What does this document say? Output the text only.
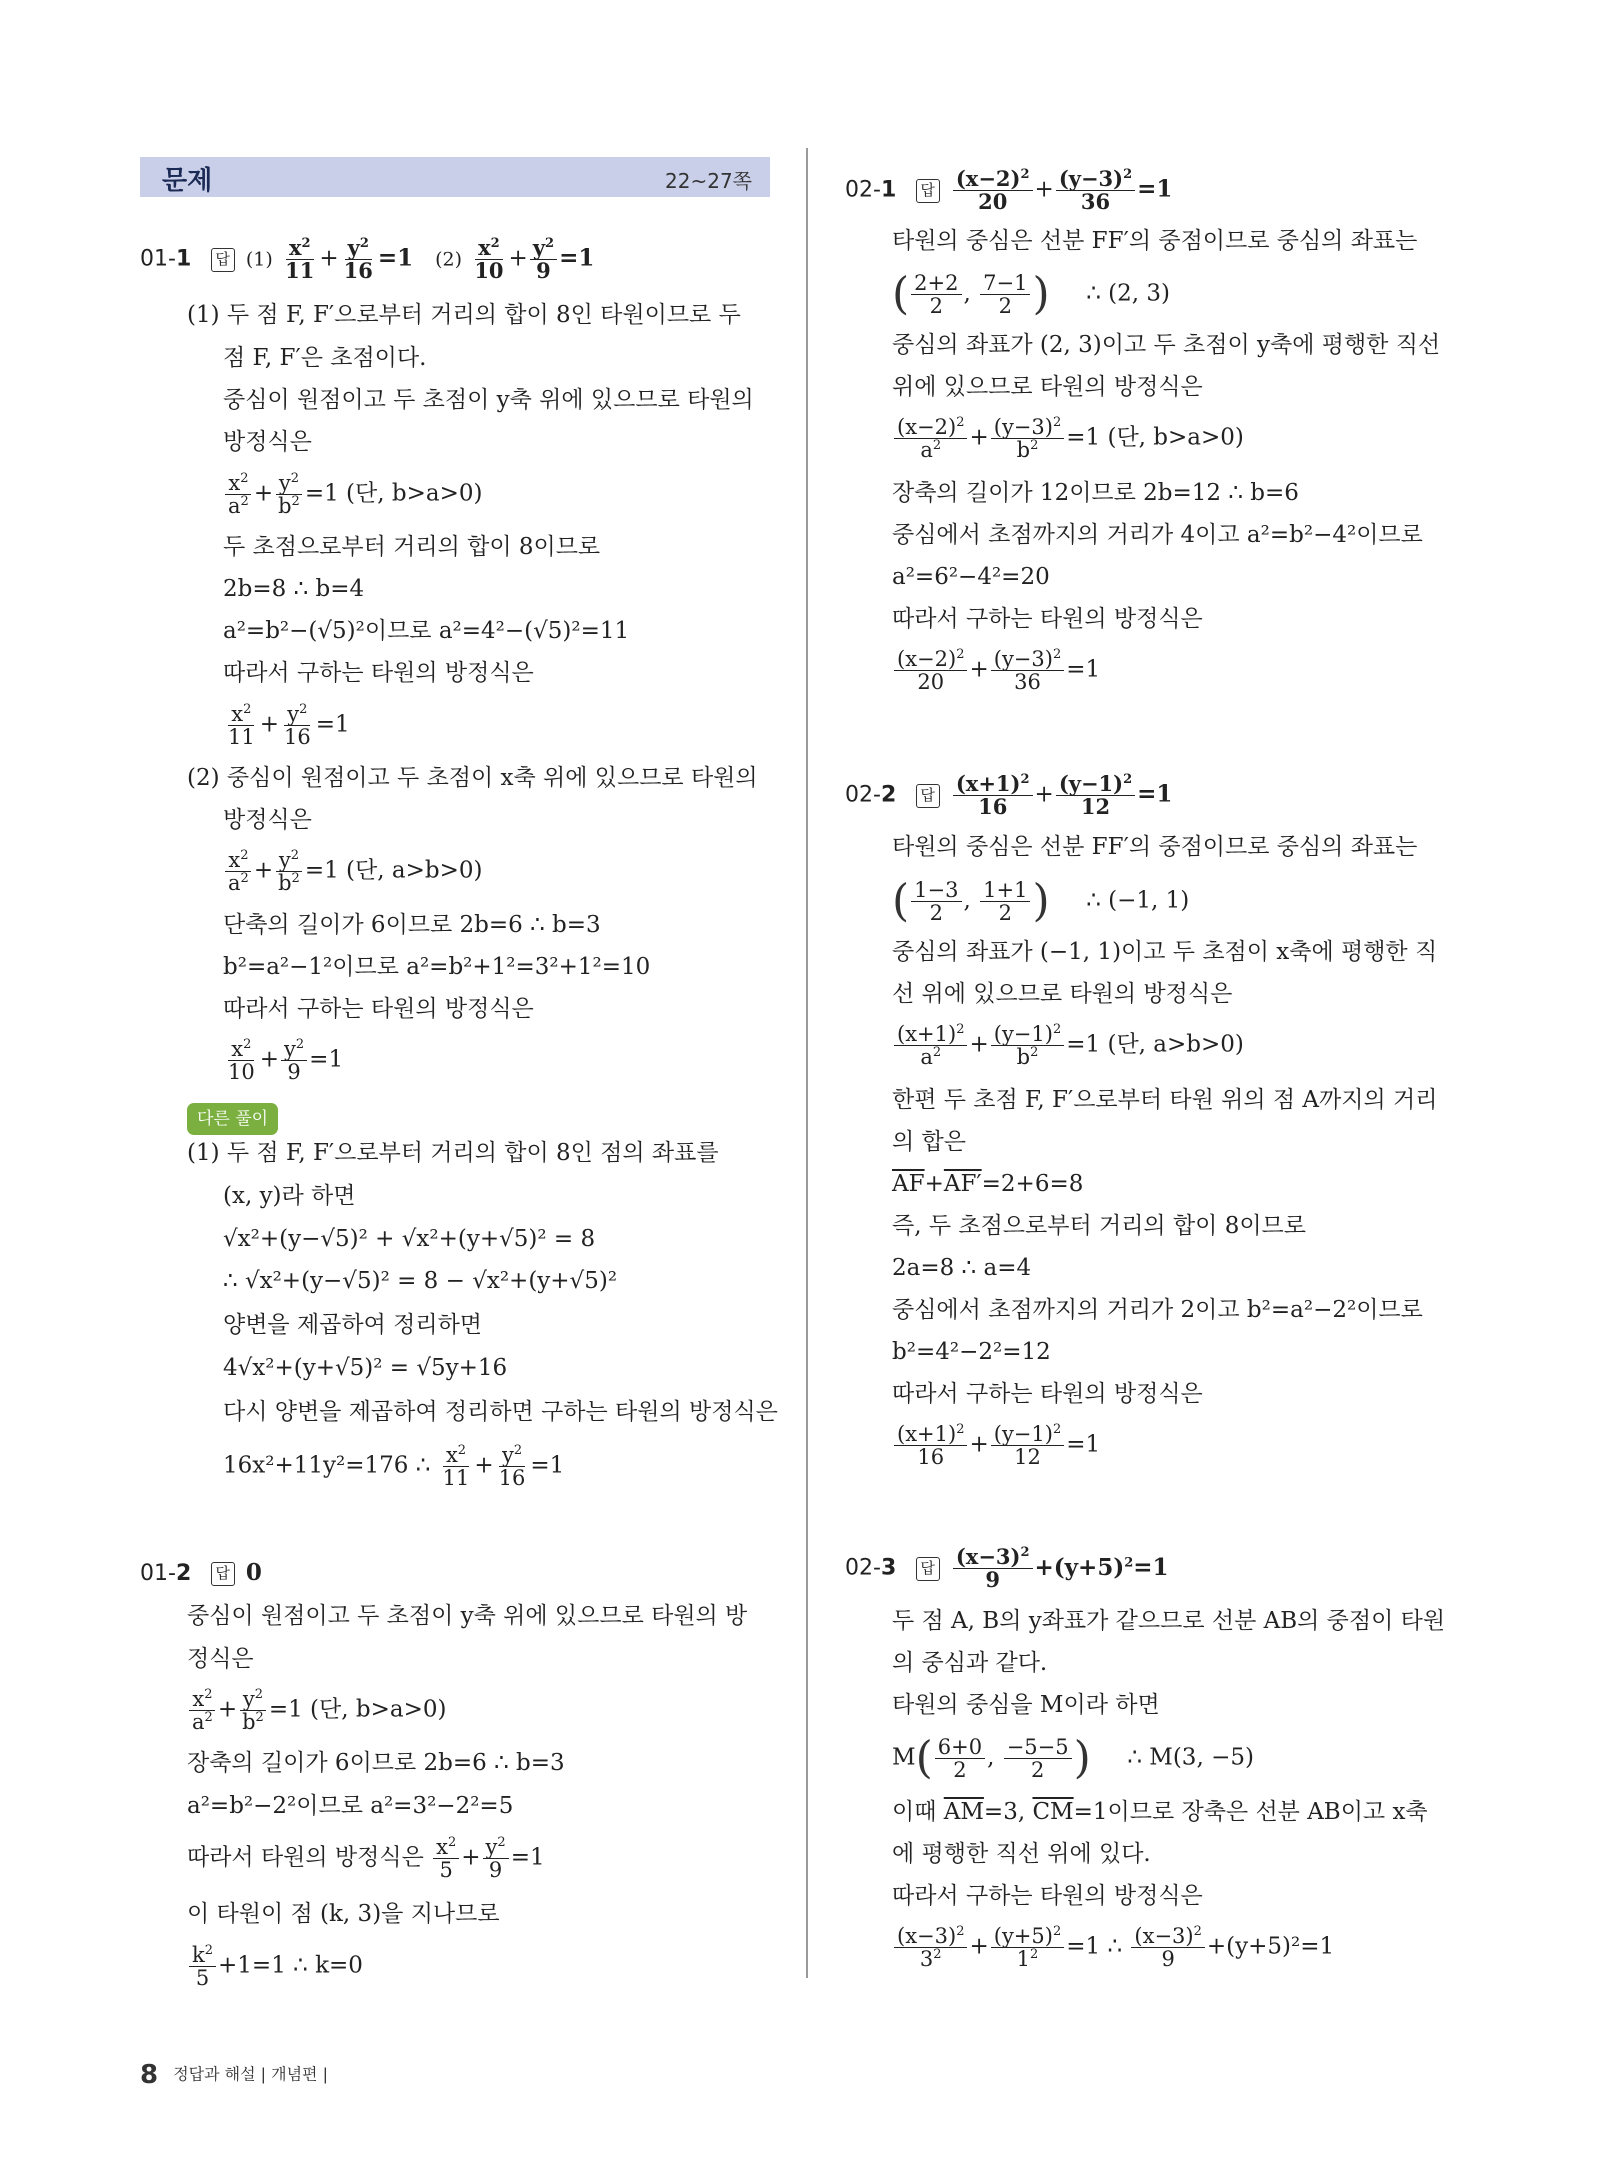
문제	22~27쪽
01-1 답 $(1) \frac{x^2}{11} + \frac{y^2}{16} =1$ $(2) \frac{x^2}{10} + \frac{y^2}{9} =1$
(1) 두 점 F, F′으로부터 거리의 합이 8인 타원이므로 두
점 F, F′은 초점이다.
중심이 원점이고 두 초점이 y축 위에 있으므로 타원의
방정식은
$\frac{x^2}{a^2} + \frac{y^2}{b^2} =1$ (단, b>a>0)
두 초점으로부터 거리의 합이 8이므로
2b=8 ∴ b=4
a²=b²−(√5)²이므로 a²=4²−(√5)²=11
따라서 구하는 타원의 방정식은
$\frac{x^2}{11} + \frac{y^2}{16} =1$
(2) 중심이 원점이고 두 초점이 x축 위에 있으므로 타원의
방정식은
$\frac{x^2}{a^2} + \frac{y^2}{b^2} =1$ (단, a>b>0)
단축의 길이가 6이므로 2b=6 ∴ b=3
b²=a²−1²이므로 a²=b²+1²=3²+1²=10
따라서 구하는 타원의 방정식은
$\frac{x^2}{10} + \frac{y^2}{9} =1$
다른 풀이
(1) 두 점 F, F′으로부터 거리의 합이 8인 점의 좌표를
(x, y)라 하면
√x²+(y−√5)² + √x²+(y+√5)² = 8
∴ √x²+(y−√5)² = 8 − √x²+(y+√5)²
양변을 제곱하여 정리하면
4√x²+(y+√5)² = √5y+16
다시 양변을 제곱하여 정리하면 구하는 타원의 방정식은
16x²+11y²=176 ∴ $\frac{x^2}{11} + \frac{y^2}{16} =1$
01-2 답 0
중심이 원점이고 두 초점이 y축 위에 있으므로 타원의 방
정식은
$\frac{x^2}{a^2} + \frac{y^2}{b^2} =1$ (단, b>a>0)
장축의 길이가 6이므로 2b=6 ∴ b=3
a²=b²−2²이므로 a²=3²−2²=5
따라서 타원의 방정식은 $\frac{x^2}{5} + \frac{y^2}{9} =1$
이 타원이 점 (k, 3)을 지나므로
$\frac{k^2}{5} +1=1$ ∴ k=0
02-1 답 $\frac{(x-2)^2}{20} + \frac{(y-3)^2}{36} =1$
타원의 중심은 선분 FF′의 중점이므로 중심의 좌표는
( $\frac{2+2}{2}$ , $\frac{7-1}{2}$ ) ∴ (2, 3)
중심의 좌표가 (2, 3)이고 두 초점이 y축에 평행한 직선
위에 있으므로 타원의 방정식은
$\frac{(x-2)^2}{a^2} + \frac{(y-3)^2}{b^2} =1$ (단, b>a>0)
장축의 길이가 12이므로 2b=12 ∴ b=6
중심에서 초점까지의 거리가 4이고 a²=b²−4²이므로
a²=6²−4²=20
따라서 구하는 타원의 방정식은
$\frac{(x-2)^2}{20} + \frac{(y-3)^2}{36} =1$
02-2 답 $\frac{(x+1)^2}{16} + \frac{(y-1)^2}{12} =1$
타원의 중심은 선분 FF′의 중점이므로 중심의 좌표는
( $\frac{1-3}{2}$ , $\frac{1+1}{2}$ ) ∴ (−1, 1)
중심의 좌표가 (−1, 1)이고 두 초점이 x축에 평행한 직
선 위에 있으므로 타원의 방정식은
$\frac{(x+1)^2}{a^2} + \frac{(y-1)^2}{b^2} =1$ (단, a>b>0)
한편 두 초점 F, F′으로부터 타원 위의 점 A까지의 거리
의 합은
$\overline{AF}+AF'=2+6=8$
즉, 두 초점으로부터 거리의 합이 8이므로
2a=8 ∴ a=4
중심에서 초점까지의 거리가 2이고 b²=a²−2²이므로
b²=4²−2²=12
따라서 구하는 타원의 방정식은
$\frac{(x+1)^2}{16} + \frac{(y-1)^2}{12} =1$
02-3 답 $\frac{(x-3)^2}{9} +(y+5)^2=1$
두 점 A, B의 y좌표가 같으므로 선분 AB의 중점이 타원
의 중심과 같다.
타원의 중심을 M이라 하면
$M( \frac{6+0}{2}$ , $\frac{-5-5}{2}$ ) ∴ M(3, −5)
이때 $\overline{AM}=3$, $\overline{CM}=1$이므로 장축은 선분 AB이고 x축
에 평행한 직선 위에 있다.
따라서 구하는 타원의 방정식은
$\frac{(x-3)^2}{3^2} + \frac{(y+5)^2}{1^2} =1$ ∴ $\frac{(x-3)^2}{9} +(y+5)^2=1$
8 정답과 해설 | 개념편 |
